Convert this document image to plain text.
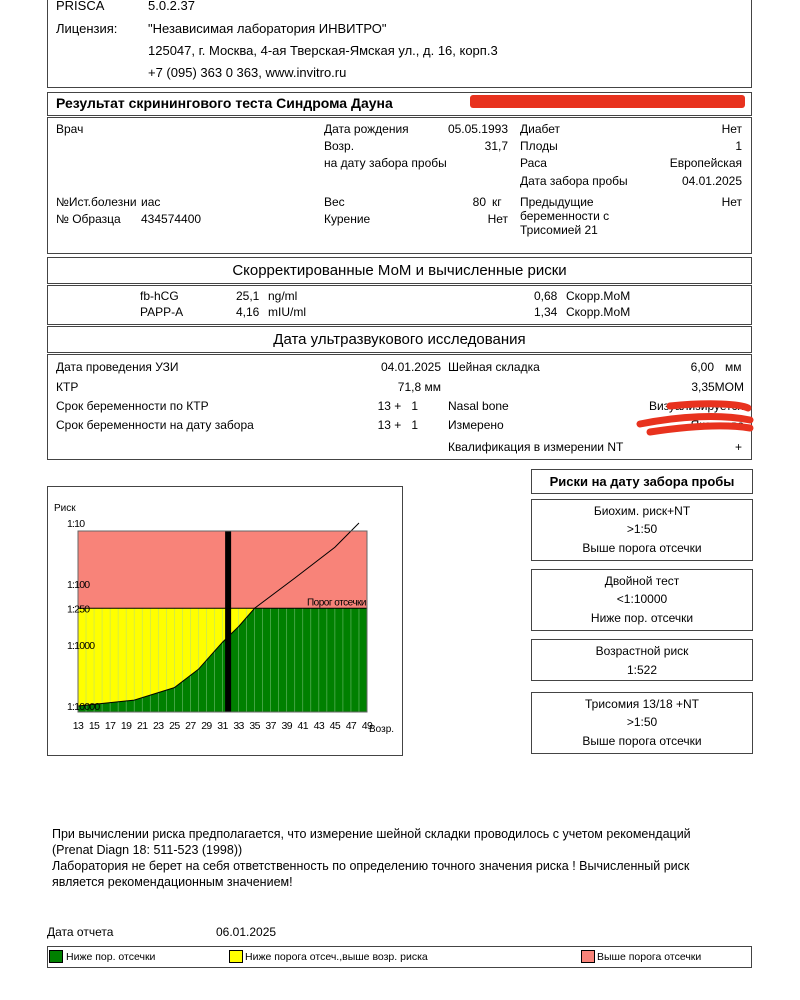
PRISCA	5.0.2.37
Лицензия: "Независимая лаборатория ИНВИТРО"
125047, г. Москва, 4-ая Тверская-Ямская ул., д. 16, корп.3
+7 (095) 363 0 363, www.invitro.ru
Результат скринингового теста Синдрома Дауна
Врач
№Ист.болезни иас
№ Образца 434574400
Дата рождения	05.05.1993
Возр.	31,7
на дату забора пробы
Вес	80 кг
Курение	Нет
Диабет	Нет
Плоды	1
Раса	Европейская
Дата забора пробы	04.01.2025
Предыдущие
беременности с
Трисомией 21
Нет
Скорректированные МоМ и вычисленные риски
fb-hCG	25,1 ng/ml	0,68 Скорр.МоМ
PAPP-A	4,16 mIU/ml	1,34 Скорр.МоМ
Дата ультразвукового исследования
Дата проведения УЗИ	04.01.2025
КТР	71,8 мм
Срок беременности по КТР	13 +   1
Срок беременности на дату забора	13 +   1
Шейная складка	6,00 мм
3,35МОМ
Nasal bone	Визуализируется
Измерено	Яковлева
Квалификация в измерении NT	+
Порог отсечки
Риск
1:10
1:100
1:250
1:1000
1:10000
13 15 17 19 21 23 25 27 29 31 33 35 37 39 41 43 45 47 49
Возр.
Риски на дату забора пробы
Биохим. риск+NT
>1:50
Выше порога отсечки
Двойной тест
<1:10000
Ниже пор. отсечки
Возрастной риск
1:522
Трисомия 13/18 +NT
>1:50
Выше порога отсечки
При вычислении риска предполагается, что измерение шейной складки проводилось с учетом рекомендаций
(Prenat Diagn 18: 511-523 (1998))
Лаборатория не берет на себя ответственность по определению точного значения риска ! Вычисленный риск
является рекомендационным значением!
Дата отчета	06.01.2025
Ниже пор. отсечки	Ниже порога отсеч.,выше возр. риска	Выше порога отсечки
